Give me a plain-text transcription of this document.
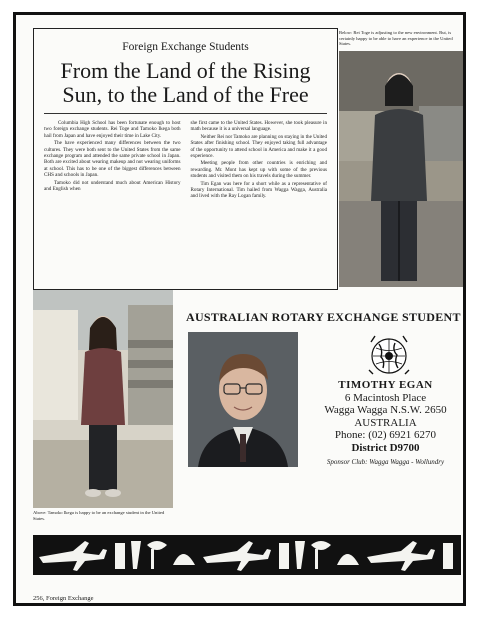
Foreign Exchange Students
From the Land of the Rising
Sun, to the Land of the Free

Columbia High School has been fortunate enough to host two foreign exchange students. Rei Toge and Tamoko Ikega both hail from Japan and have enjoyed their time in Lake City.

The have experienced many differences between the two cultures. They were both sent to the United States from the same exchange program and attended the same private school in Japan. Both are excited about wearing makeup and not wearing uniforms at school. This has to be one of the biggest differences between CHS and schools in Japan.

Tamoko did not understand much about American History and English when

she first came to the United States. However, she took pleasure in math because it is a universal language.

Neither Rei nor Tamoko are planning on staying in the United States after finishing school. They enjoyed taking full advantage of the opportunity to attend school in America and make it a good experience.

Meeting people from other countries is enriching and rewarding. Mr. Mont has kept up with some of the previous students and visited them on his travels during the summer.

Tim Egan was here for a short while as a representative of Rotary International. Tim hailed from Wagga Wagga, Australia and lived with the Ray Logan family.

Below: Rei Toge is adjusting to the new environment. But, is certainly happy to be able to have an experience in the United States.
Above: Tamoko Ikega is happy to be an exchange student in the United States.
AUSTRALIAN ROTARY EXCHANGE STUDENT
TIMOTHY EGAN
6 Macintosh Place
Wagga Wagga N.S.W. 2650
AUSTRALIA
Phone: (02) 6921 6270
District D9700
Sponsor Club: Wagga Wagga - Wollundry
256, Foreign Exchange
